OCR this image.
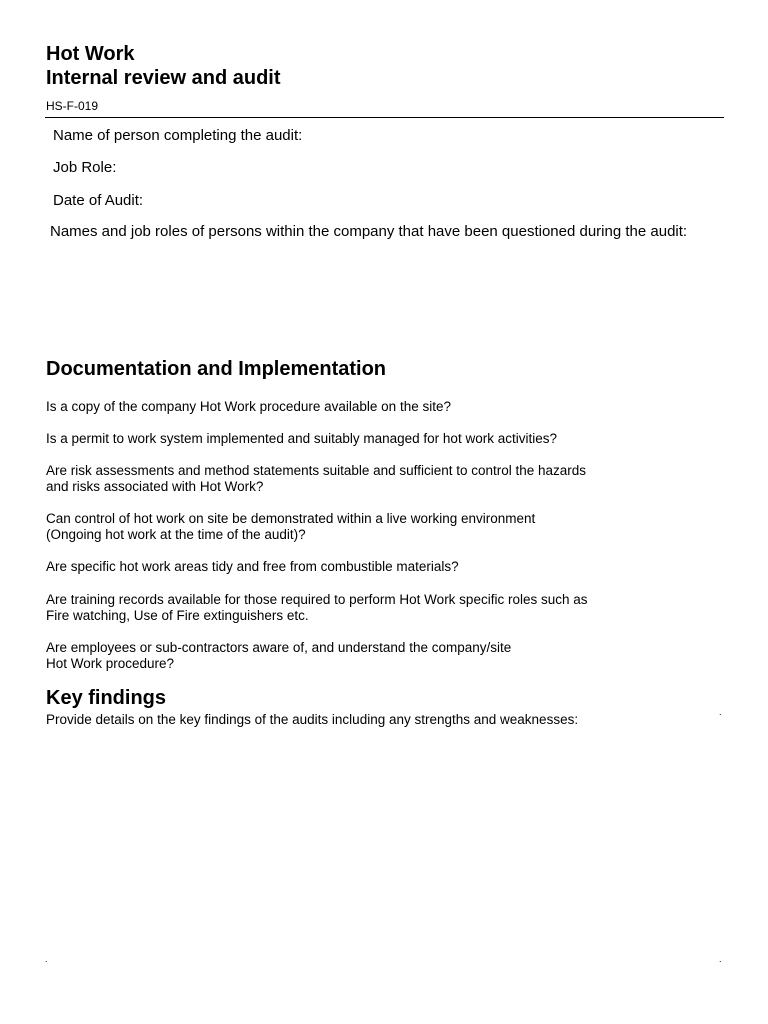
Hot Work
Internal review and audit
HS-F-019
Name of person completing the audit:
Job Role:
Date of Audit:
Names and job roles of persons within the company that have been questioned during the audit:
Documentation and Implementation
Is a copy of the company Hot Work procedure available on the site?
Is a permit to work system implemented and suitably managed for hot work activities?
Are risk assessments and method statements suitable and sufficient to control the hazards
and risks associated with Hot Work?
Can control of hot work on site be demonstrated within a live working environment
(Ongoing hot work at the time of the audit)?
Are specific hot work areas tidy and free from combustible materials?
Are training records available for those required to perform Hot Work specific roles such as
Fire watching, Use of Fire extinguishers etc.
Are employees or sub-contractors aware of, and understand the company/site
Hot Work procedure?
Key findings
Provide details on the key findings of the audits including any strengths and weaknesses:	.
.	.
